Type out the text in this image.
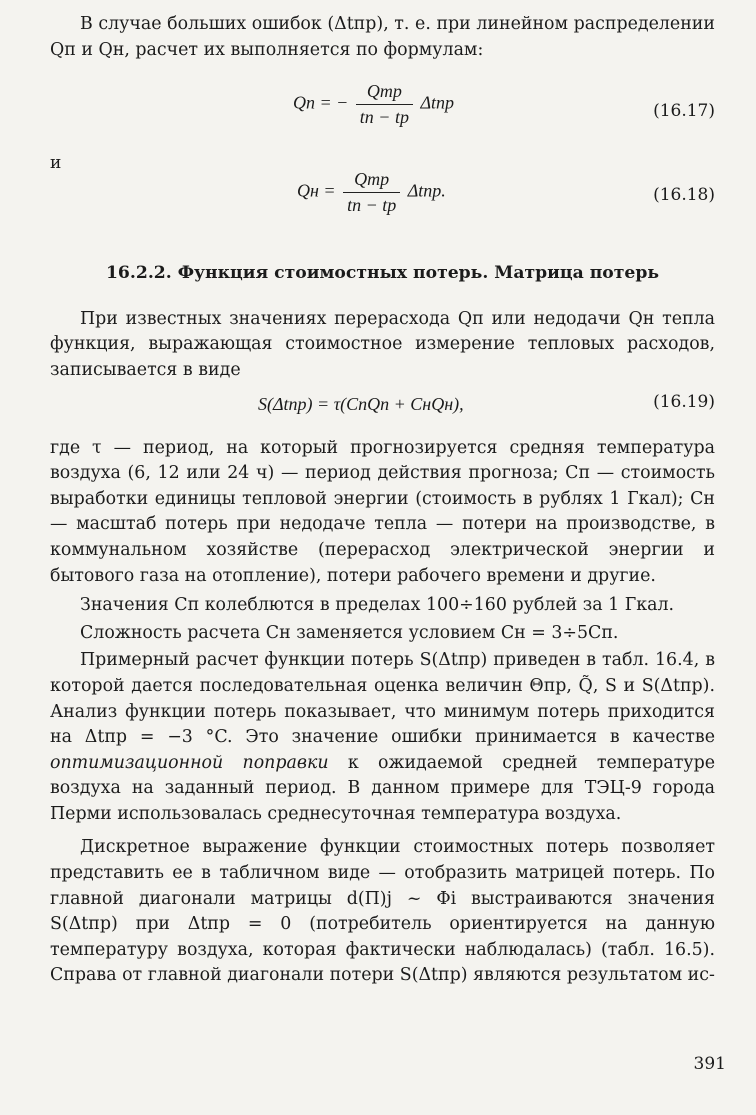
В случае больших ошибок (Δtпр), т. е. при линейном распределении Qп и Qн, расчет их выполняется по формулам:

Qп = − $\frac{\text{Qтр}}{tп - tр}$ Δtпр	(16.17)
и
Qн = $\frac{\text{Qтр}}{tп - tр} \Delta tпр$.	(16.18)

16.2.2. Функция стоимостных потерь. Матрица потерь

При известных значениях перерасхода Qп или недодачи Qн тепла функция, выражающая стоимостное измерение тепловых расходов, записывается в виде

S(Δtпр) = τ(CпQп + CнQн),	(16.19)

где τ — период, на который прогнозируется средняя температура воздуха (6, 12 или 24 ч) — период действия прогноза; Cп — стоимость выработки единицы тепловой энергии (стоимость в рублях 1 Гкал); Cн — масштаб потерь при недодаче тепла — потери на производстве, в коммунальном хозяйстве (перерасход электрической энергии и бытового газа на отопление), потери рабочего времени и другие.

Значения Cп колеблются в пределах 100÷160 рублей за 1 Гкал.

Сложность расчета Cн заменяется условием Cн = 3÷5Cп.

Примерный расчет функции потерь S(Δtпр) приведен в табл. 16.4, в которой дается последовательная оценка величин Θпр, Q̃, S и S(Δtпр). Анализ функции потерь показывает, что минимум потерь приходится на Δtпр = −3 °C. Это значение ошибки принимается в качестве оптимизационной поправки к ожидаемой средней температуре воздуха на заданный период. В данном примере для ТЭЦ-9 города Перми использовалась среднесуточная температура воздуха.

Дискретное выражение функции стоимостных потерь позволяет представить ее в табличном виде — отобразить матрицей потерь. По главной диагонали матрицы d(П)j ~ Φi выстраиваются значения S(Δtпр) при Δtпр = 0 (потребитель ориентируется на данную температуру воздуха, которая фактически наблюдалась) (табл. 16.5). Справа от главной диагонали потери S(Δtпр) являются результатом ис-

391
